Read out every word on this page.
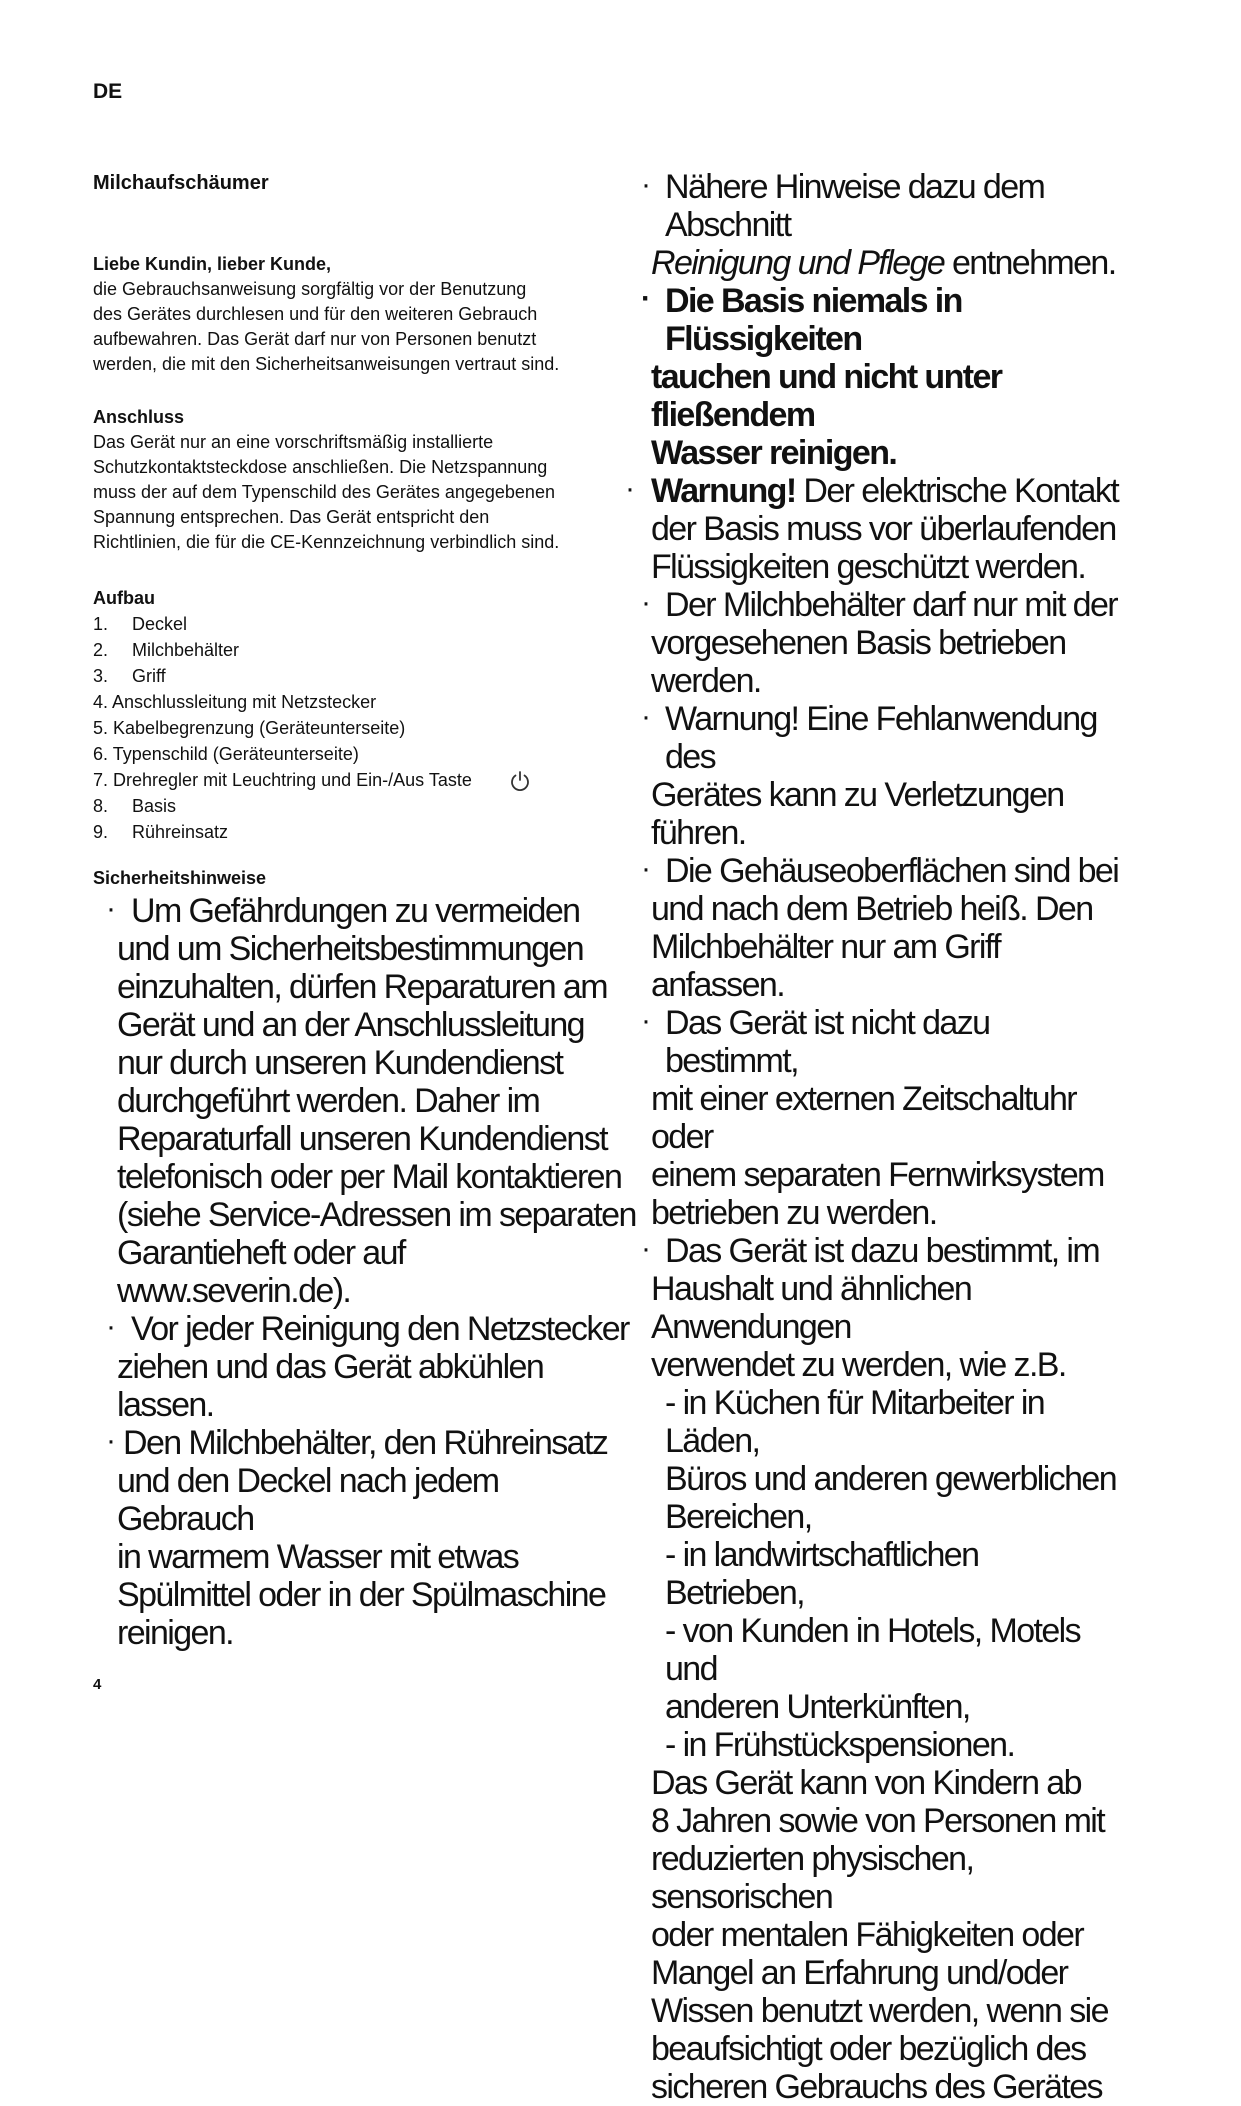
DE
Milchaufschäumer

Liebe Kundin, lieber Kunde,

die Gebrauchsanweisung sorgfältig vor der Benutzung

des Gerätes durchlesen und für den weiteren Gebrauch

aufbewahren. Das Gerät darf nur von Personen benutzt

werden, die mit den Sicherheitsanweisungen vertraut sind.

Anschluss

Das Gerät nur an eine vorschriftsmäßig installierte

Schutzkontaktsteckdose anschließen. Die Netzspannung

muss der auf dem Typenschild des Gerätes angegebenen

Spannung entsprechen. Das Gerät entspricht den

Richtlinien, die für die CE-Kennzeichnung verbindlich sind.

Aufbau

1. Deckel
2. Milchbehälter
3. Griff
4. Anschlussleitung mit Netzstecker
5. Kabelbegrenzung (Geräteunterseite)
6. Typenschild (Geräteunterseite)
7. Drehregler mit Leuchtring und Ein-/Aus Taste
8. Basis
9. Rühreinsatz
Sicherheitshinweise
· Um Gefährdungen zu vermeiden

und um Sicherheitsbestimmungen

einzuhalten, dürfen Reparaturen am

Gerät und an der Anschlussleitung

nur durch unseren Kundendienst

durchgeführt werden. Daher im

Reparaturfall unseren Kundendienst

telefonisch oder per Mail kontaktieren

(siehe Service-Adressen im separaten

Garantieheft oder auf

www.severin.de).

· Vor jeder Reinigung den Netzstecker

ziehen und das Gerät abkühlen

lassen.

· Den Milchbehälter, den Rühreinsatz

und den Deckel nach jedem Gebrauch

in warmem Wasser mit etwas

Spülmittel oder in der Spülmaschine

reinigen.

· Nähere Hinweise dazu dem Abschnitt

Reinigung und Pflege entnehmen.

· Die Basis niemals in Flüssigkeiten

tauchen und nicht unter fließendem

Wasser reinigen.

· Warnung! Der elektrische Kontakt

der Basis muss vor überlaufenden

Flüssigkeiten geschützt werden.

· Der Milchbehälter darf nur mit der

vorgesehenen Basis betrieben

werden.

· Warnung! Eine Fehlanwendung des

Gerätes kann zu Verletzungen führen.

· Die Gehäuseoberflächen sind bei

und nach dem Betrieb heiß. Den

Milchbehälter nur am Griff anfassen.

· Das Gerät ist nicht dazu bestimmt,

mit einer externen Zeitschaltuhr oder

einem separaten Fernwirksystem

betrieben zu werden.

· Das Gerät ist dazu bestimmt, im

Haushalt und ähnlichen Anwendungen

verwendet zu werden, wie z.B.

- in Küchen für Mitarbeiter in Läden,

Büros und anderen gewerblichen

Bereichen,

- in landwirtschaftlichen Betrieben,

- von Kunden in Hotels, Motels und

anderen Unterkünften,

- in Frühstückspensionen.

Das Gerät kann von Kindern ab

8 Jahren sowie von Personen mit

reduzierten physischen, sensorischen

oder mentalen Fähigkeiten oder

Mangel an Erfahrung und/oder

Wissen benutzt werden, wenn sie

beaufsichtigt oder bezüglich des

sicheren Gebrauchs des Gerätes

4
